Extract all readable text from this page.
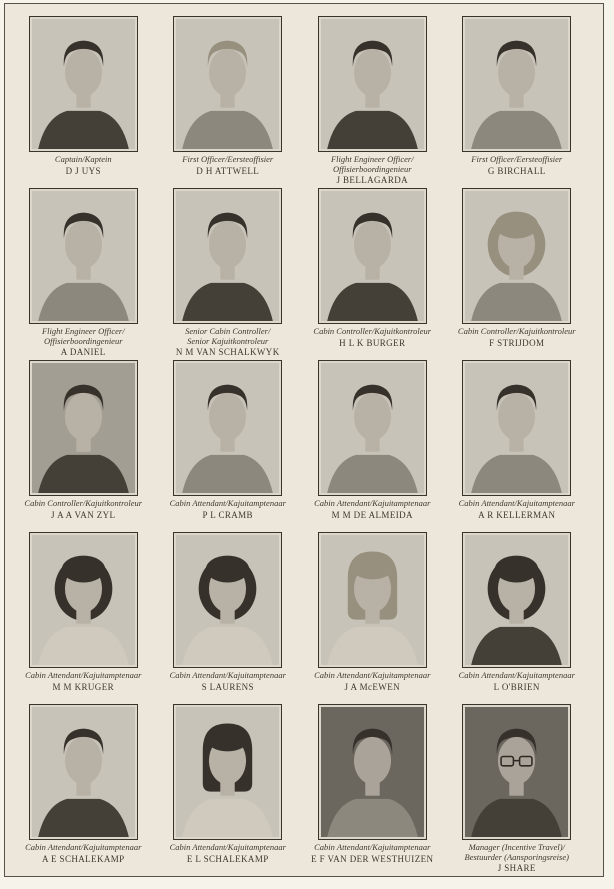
Captain/Kaptein
D J UYS
First Officer/Eersteoffisier
D H ATTWELL
Flight Engineer Officer/
Offisierboordingenieur
J BELLAGARDA
First Officer/Eersteoffisier
G BIRCHALL
Flight Engineer Officer/
Offisierboordingenieur
A DANIEL
Senior Cabin Controller/
Senior Kajuitkontroleur
N M VAN SCHALKWYK
Cabin Controller/Kajuitkontroleur
H L K BURGER
Cabin Controller/Kajuitkontroleur
F STRIJDOM
Cabin Controller/Kajuitkontroleur
J A A VAN ZYL
Cabin Attendant/Kajuitamptenaar
P L CRAMB
Cabin Attendant/Kajuitamptenaar
M M DE ALMEIDA
Cabin Attendant/Kajuitamptenaar
A R KELLERMAN
Cabin Attendant/Kajuitamptenaar
M M KRUGER
Cabin Attendant/Kajuitamptenaar
S LAURENS
Cabin Attendant/Kajuitamptenaar
J A McEWEN
Cabin Attendant/Kajuitamptenaar
L O'BRIEN
Cabin Attendant/Kajuitamptenaar
A E SCHALEKAMP
Cabin Attendant/Kajuitamptenaar
E L SCHALEKAMP
Cabin Attendant/Kajuitamptenaar
E F VAN DER WESTHUIZEN
Manager (Incentive Travel)/
Bestuurder (Aansporingsreise)
J SHARE
